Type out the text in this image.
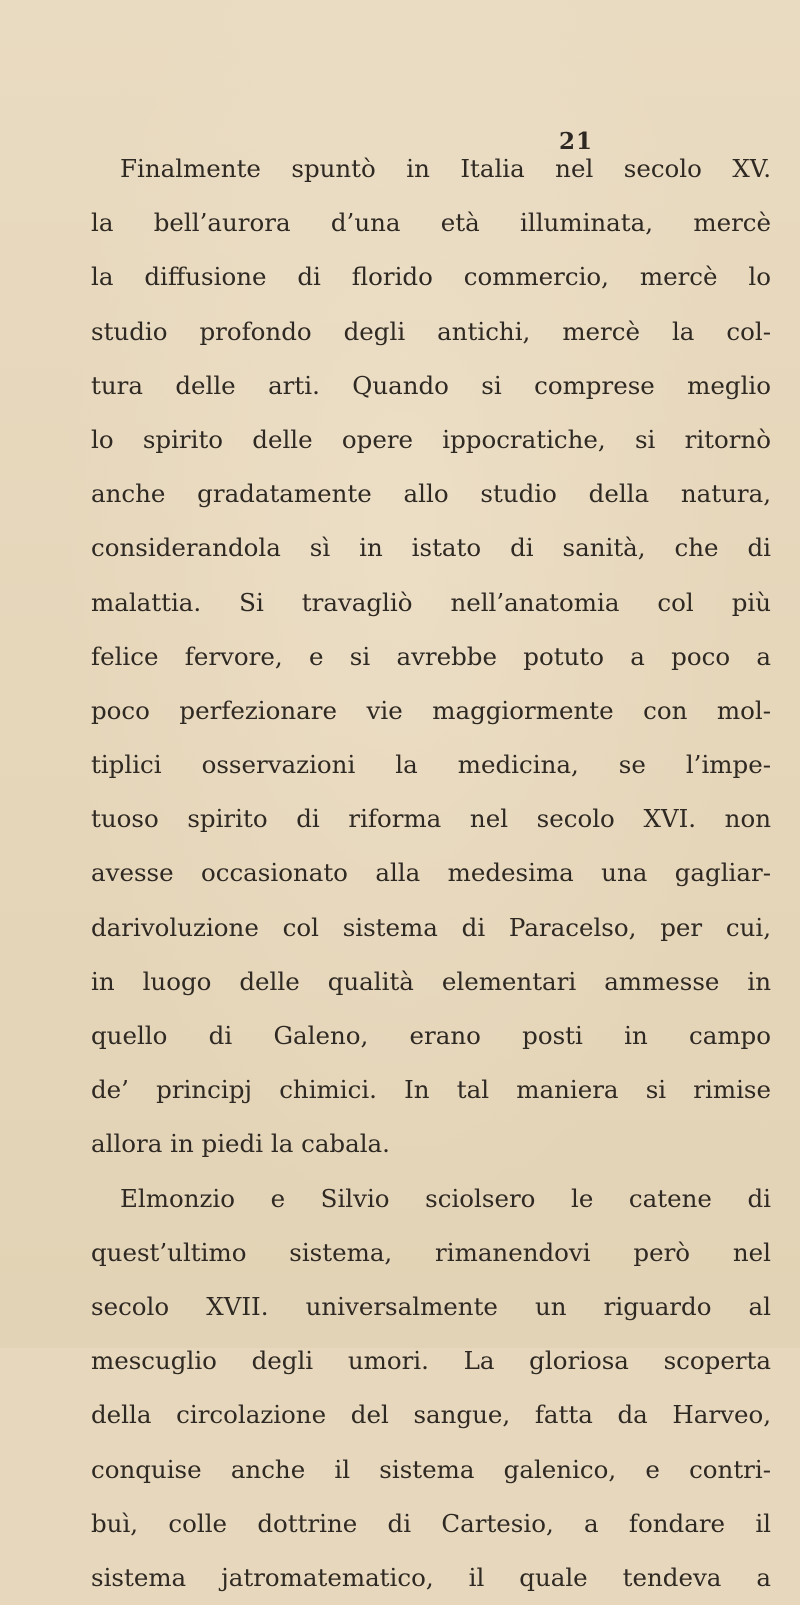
21
Finalmente spuntò in Italia nel secolo XV.
la bell’aurora d’una età illuminata, mercè
la diffusione di florido commercio, mercè lo
studio profondo degli antichi, mercè la col-
tura delle arti. Quando si comprese meglio
lo spirito delle opere ippocratiche, si ritornò
anche gradatamente allo studio della natura,
considerandola sì in istato di sanità, che di
malattia. Si travagliò nell’anatomia col più
felice fervore, e si avrebbe potuto a poco a
poco perfezionare vie maggiormente con mol-
tiplici osservazioni la medicina, se l’impe-
tuoso spirito di riforma nel secolo XVI. non
avesse occasionato alla medesima una gagliar-
darivoluzione col sistema di Paracelso, per cui,
in luogo delle qualità elementari ammesse in
quello di Galeno, erano posti in campo
de’ principj chimici. In tal maniera si rimise
allora in piedi la cabala.
Elmonzio e Silvio sciolsero le catene di
quest’ultimo sistema, rimanendovi però nel
secolo XVII. universalmente un riguardo al
mescuglio degli umori. La gloriosa scoperta
della circolazione del sangue, fatta da Harveo,
conquise anche il sistema galenico, e contri-
buì, colle dottrine di Cartesio, a fondare il
sistema jatromatematico, il quale tendeva a
